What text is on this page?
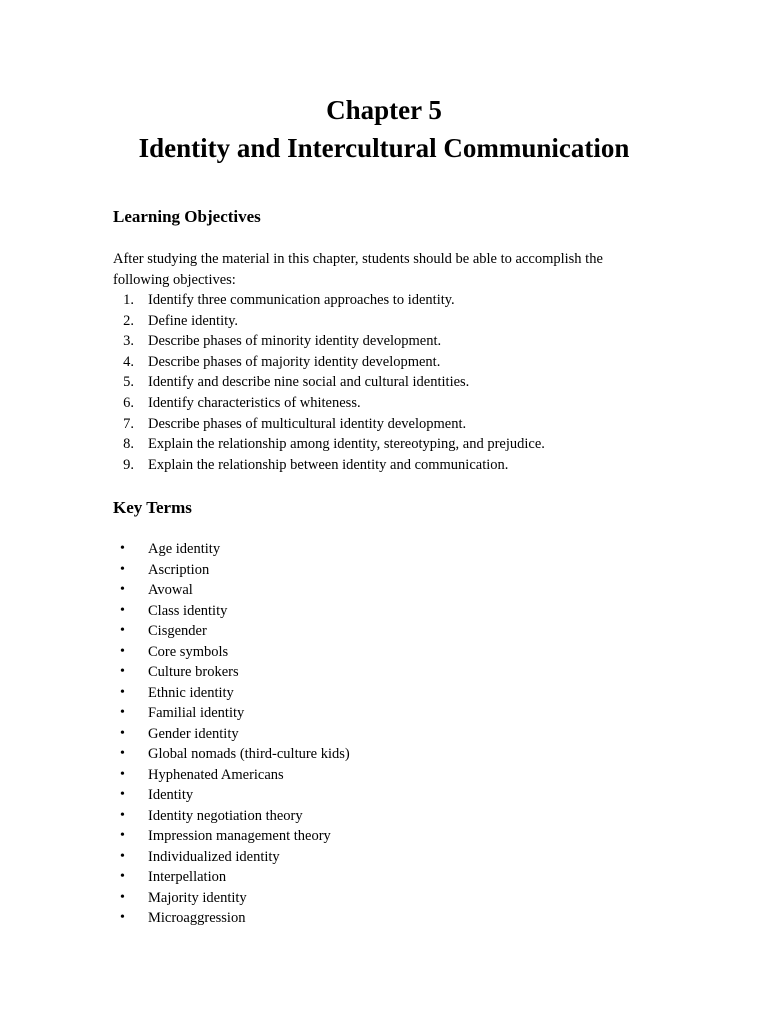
Chapter 5
Identity and Intercultural Communication
Learning Objectives

After studying the material in this chapter, students should be able to accomplish the following objectives:

1. Identify three communication approaches to identity.
2. Define identity.
3. Describe phases of minority identity development.
4. Describe phases of majority identity development.
5. Identify and describe nine social and cultural identities.
6. Identify characteristics of whiteness.
7. Describe phases of multicultural identity development.
8. Explain the relationship among identity, stereotyping, and prejudice.
9. Explain the relationship between identity and communication.
Key Terms
• Age identity
• Ascription
• Avowal
• Class identity
• Cisgender
• Core symbols
• Culture brokers
• Ethnic identity
• Familial identity
• Gender identity
• Global nomads (third-culture kids)
• Hyphenated Americans
• Identity
• Identity negotiation theory
• Impression management theory
• Individualized identity
• Interpellation
• Majority identity
• Microaggression
